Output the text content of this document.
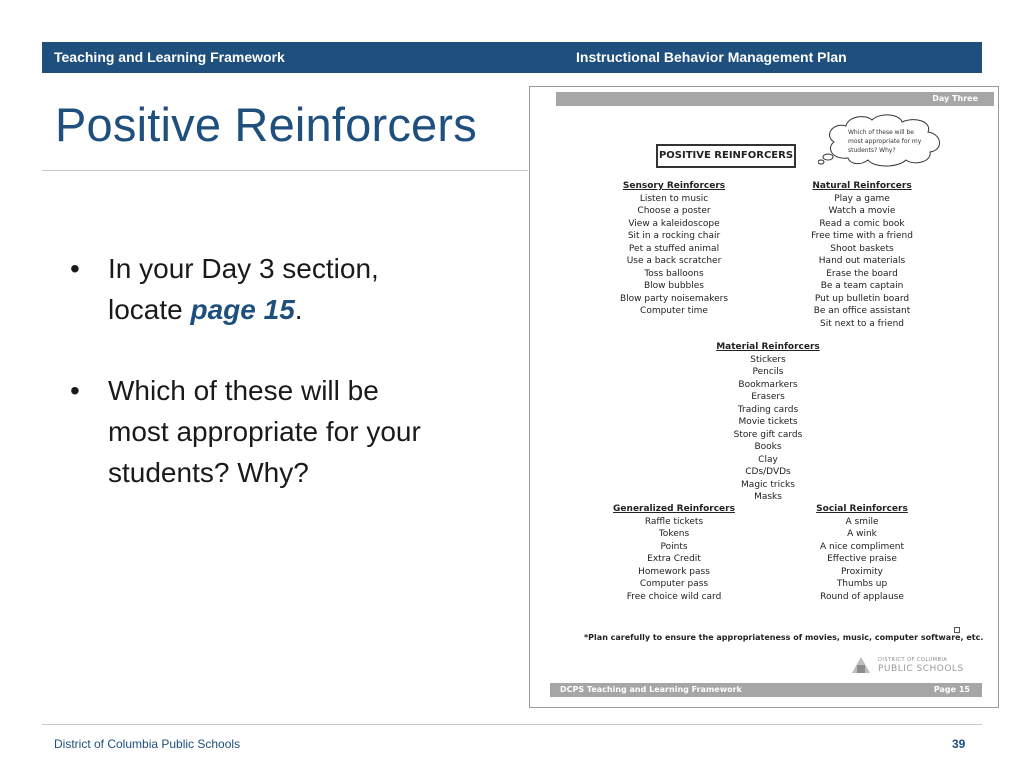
Teaching and Learning Framework	Instructional Behavior Management Plan
Positive Reinforcers
• In your Day 3 section, locate page 15.
• Which of these will be most appropriate for your students? Why?
Day Three
Which of these will be most appropriate for my students? Why?
POSITIVE REINFORCERS
Sensory Reinforcers
Listen to music
Choose a poster
View a kaleidoscope
Sit in a rocking chair
Pet a stuffed animal
Use a back scratcher
Toss balloons
Blow bubbles
Blow party noisemakers
Computer time
Natural Reinforcers
Play a game
Watch a movie
Read a comic book
Free time with a friend
Shoot baskets
Hand out materials
Erase the board
Be a team captain
Put up bulletin board
Be an office assistant
Sit next to a friend
Material Reinforcers
Stickers
Pencils
Bookmarkers
Erasers
Trading cards
Movie tickets
Store gift cards
Books
Clay
CDs/DVDs
Magic tricks
Masks
Generalized Reinforcers
Raffle tickets
Tokens
Points
Extra Credit
Homework pass
Computer pass
Free choice wild card
Social Reinforcers
A smile
A wink
A nice compliment
Effective praise
Proximity
Thumbs up
Round of applause
*Plan carefully to ensure the appropriateness of movies, music, computer software, etc.
DISTRICT OF COLUMBIA
PUBLIC SCHOOLS
DCPS Teaching and Learning Framework	Page 15
District of Columbia Public Schools	39
